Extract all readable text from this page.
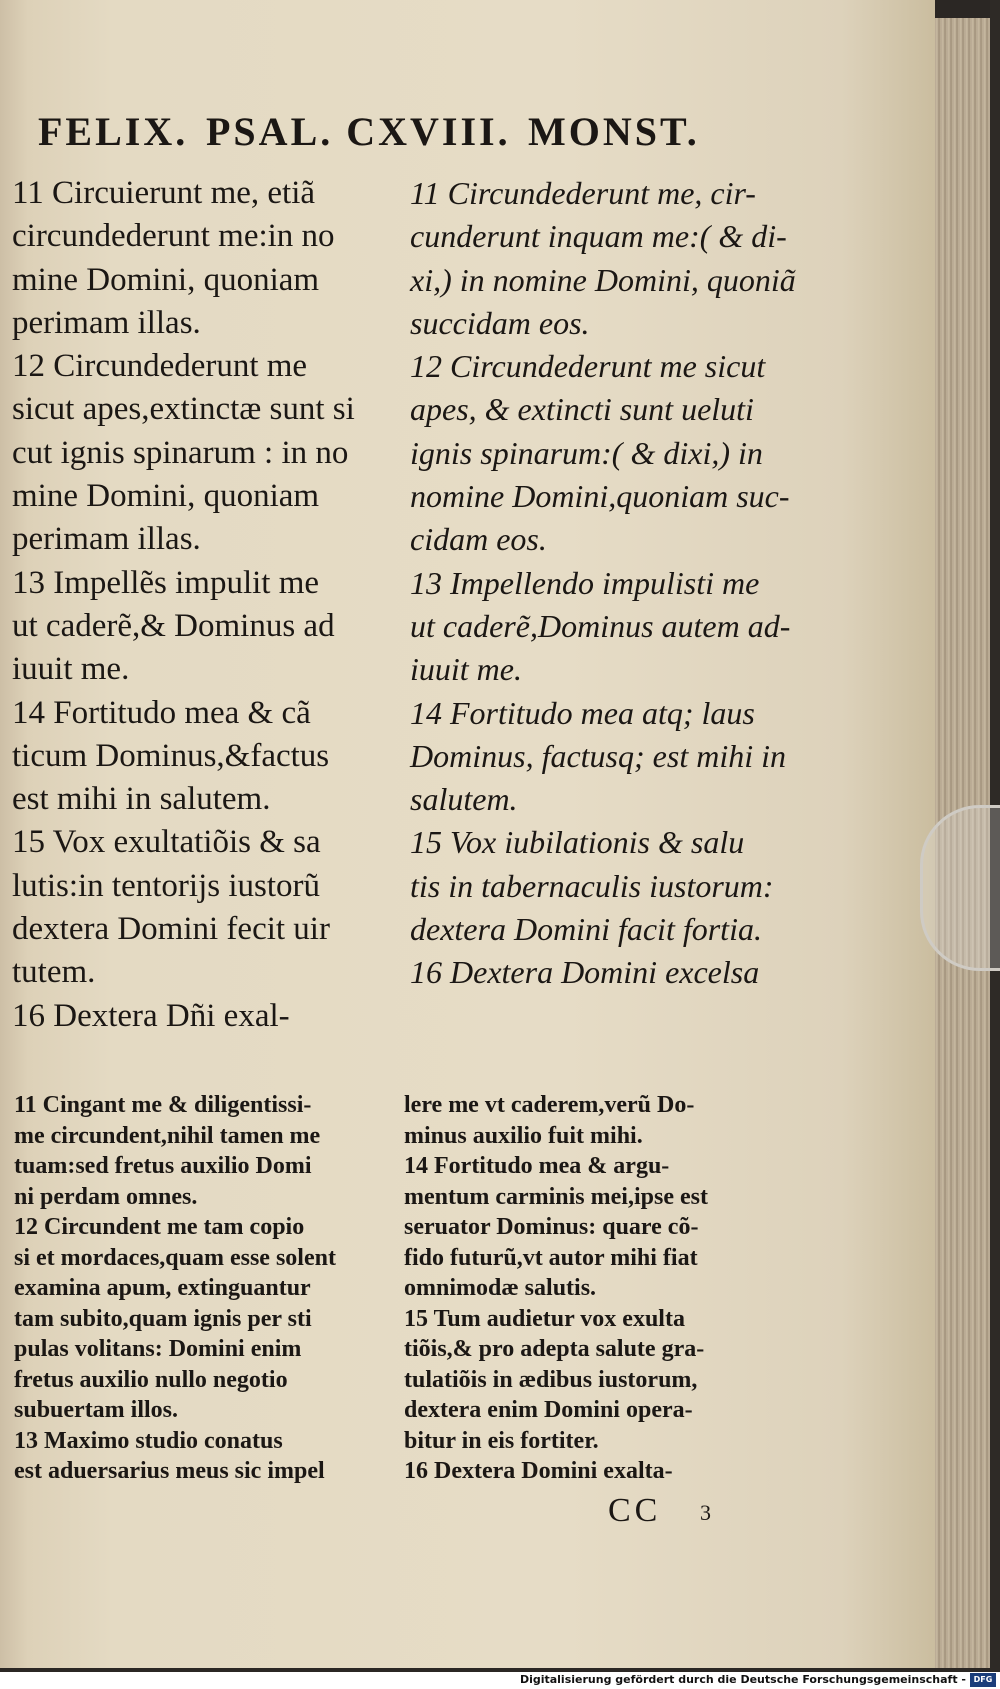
FELIX. PSAL. CXVIII. MONST.

11 Circuierunt me, etiã

circundederunt me:in no

mine Domini, quoniam

perimam illas.

12 Circundederunt me

sicut apes,extinctæ sunt si

cut ignis spinarum : in no

mine Domini, quoniam

perimam illas.

13 Impellẽs impulit me

ut caderẽ,& Dominus ad

iuuit me.

14 Fortitudo mea & cã

ticum Dominus,&factus

est mihi in salutem.

15 Vox exultatiõis & sa

lutis:in tentorijs iustorũ

dextera Domini fecit uir

tutem.

16 Dextera Dñi exal-

11 Circundederunt me, cir-

cunderunt inquam me:( & di-

xi,) in nomine Domini, quoniã

succidam eos.

12 Circundederunt me sicut

apes, & extincti sunt ueluti

ignis spinarum:( & dixi,) in

nomine Domini,quoniam suc-

cidam eos.

13 Impellendo impulisti me

ut caderẽ,Dominus autem ad-

iuuit me.

14 Fortitudo mea atq; laus

Dominus, factusq; est mihi in

salutem.

15 Vox iubilationis & salu

tis in tabernaculis iustorum:

dextera Domini facit fortia.

16 Dextera Domini excelsa

11 Cingant me & diligentissi-

me circundent,nihil tamen me

tuam:sed fretus auxilio Domi

ni perdam omnes.

12 Circundent me tam copio

si et mordaces,quam esse solent

examina apum, extinguantur

tam subito,quam ignis per sti

pulas volitans: Domini enim

fretus auxilio nullo negotio

subuertam illos.

13 Maximo studio conatus

est aduersarius meus sic impel

lere me vt caderem,verũ Do-

minus auxilio fuit mihi.

14 Fortitudo mea & argu-

mentum carminis mei,ipse est

seruator Dominus: quare cõ-

fido futurũ,vt autor mihi fiat

omnimodæ salutis.

15 Tum audietur vox exulta

tiõis,& pro adepta salute gra-

tulatiõis in ædibus iustorum,

dextera enim Domini opera-

bitur in eis fortiter.

16 Dextera Domini exalta-

CC 3
Digitalisierung gefördert durch die Deutsche Forschungsgemeinschaft - DFG
